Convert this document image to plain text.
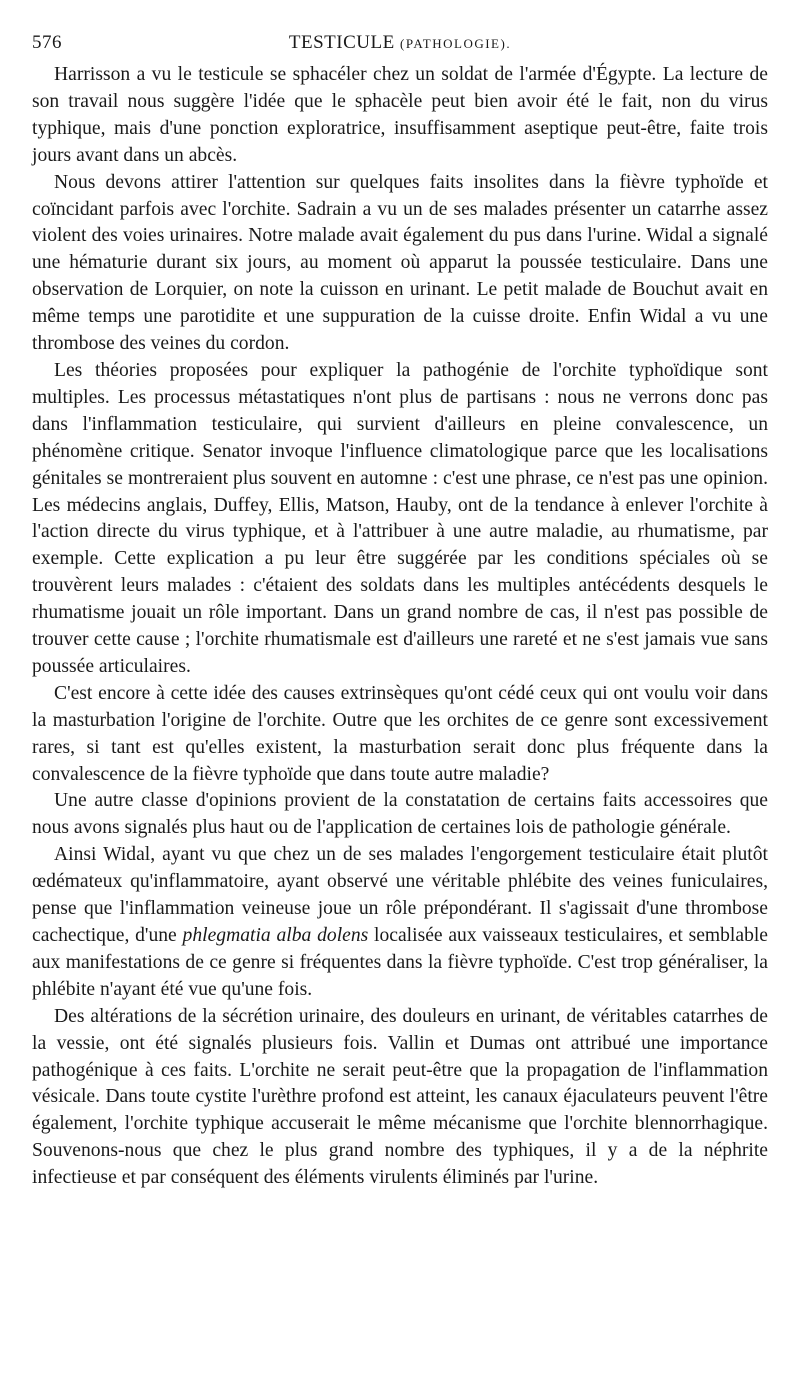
576	TESTICULE (PATHOLOGIE).

Harrisson a vu le testicule se sphacéler chez un soldat de l'armée d'Égypte. La lecture de son travail nous suggère l'idée que le sphacèle peut bien avoir été le fait, non du virus typhique, mais d'une ponction exploratrice, insuffisamment aseptique peut-être, faite trois jours avant dans un abcès.

Nous devons attirer l'attention sur quelques faits insolites dans la fièvre typhoïde et coïncidant parfois avec l'orchite. Sadrain a vu un de ses malades présenter un catarrhe assez violent des voies urinaires. Notre malade avait également du pus dans l'urine. Widal a signalé une hématurie durant six jours, au moment où apparut la poussée testiculaire. Dans une observation de Lorquier, on note la cuisson en urinant. Le petit malade de Bouchut avait en même temps une parotidite et une suppuration de la cuisse droite. Enfin Widal a vu une thrombose des veines du cordon.

Les théories proposées pour expliquer la pathogénie de l'orchite typhoïdique sont multiples. Les processus métastatiques n'ont plus de partisans : nous ne verrons donc pas dans l'inflammation testiculaire, qui survient d'ailleurs en pleine convalescence, un phénomène critique. Senator invoque l'influence climatologique parce que les localisations génitales se montreraient plus souvent en automne : c'est une phrase, ce n'est pas une opinion. Les médecins anglais, Duffey, Ellis, Matson, Hauby, ont de la tendance à enlever l'orchite à l'action directe du virus typhique, et à l'attribuer à une autre maladie, au rhumatisme, par exemple. Cette explication a pu leur être suggérée par les conditions spéciales où se trouvèrent leurs malades : c'étaient des soldats dans les multiples antécédents desquels le rhumatisme jouait un rôle important. Dans un grand nombre de cas, il n'est pas possible de trouver cette cause ; l'orchite rhumatismale est d'ailleurs une rareté et ne s'est jamais vue sans poussée articulaires.

C'est encore à cette idée des causes extrinsèques qu'ont cédé ceux qui ont voulu voir dans la masturbation l'origine de l'orchite. Outre que les orchites de ce genre sont excessivement rares, si tant est qu'elles existent, la masturbation serait donc plus fréquente dans la convalescence de la fièvre typhoïde que dans toute autre maladie?

Une autre classe d'opinions provient de la constatation de certains faits accessoires que nous avons signalés plus haut ou de l'application de certaines lois de pathologie générale.

Ainsi Widal, ayant vu que chez un de ses malades l'engorgement testiculaire était plutôt œdémateux qu'inflammatoire, ayant observé une véritable phlébite des veines funiculaires, pense que l'inflammation veineuse joue un rôle prépondérant. Il s'agissait d'une thrombose cachectique, d'une phlegmatia alba dolens localisée aux vaisseaux testiculaires, et semblable aux manifestations de ce genre si fréquentes dans la fièvre typhoïde. C'est trop généraliser, la phlébite n'ayant été vue qu'une fois.

Des altérations de la sécrétion urinaire, des douleurs en urinant, de véritables catarrhes de la vessie, ont été signalés plusieurs fois. Vallin et Dumas ont attribué une importance pathogénique à ces faits. L'orchite ne serait peut-être que la propagation de l'inflammation vésicale. Dans toute cystite l'urèthre profond est atteint, les canaux éjaculateurs peuvent l'être également, l'orchite typhique accuserait le même mécanisme que l'orchite blennorrhagique. Souvenons-nous que chez le plus grand nombre des typhiques, il y a de la néphrite infectieuse et par conséquent des éléments virulents éliminés par l'urine.
